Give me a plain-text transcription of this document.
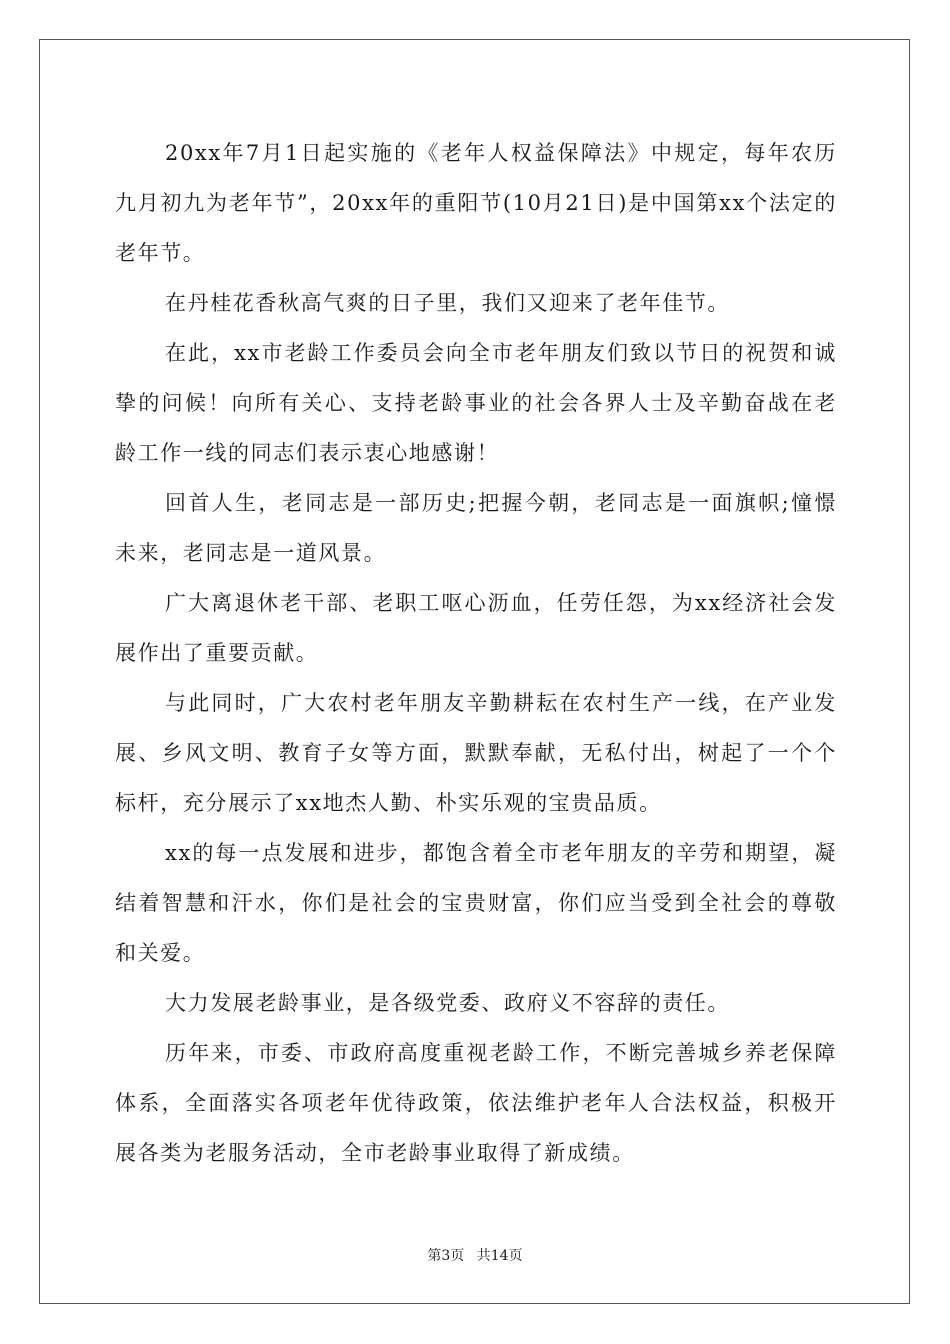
20xx年7月1日起实施的《老年人权益保障法》中规定，每年农历九月初九为老年节”，20xx年的重阳节(10月21日)是中国第xx个法定的老年节。

在丹桂花香秋高气爽的日子里，我们又迎来了老年佳节。

在此，xx市老龄工作委员会向全市老年朋友们致以节日的祝贺和诚挚的问候！向所有关心、支持老龄事业的社会各界人士及辛勤奋战在老龄工作一线的同志们表示衷心地感谢！

回首人生，老同志是一部历史;把握今朝，老同志是一面旗帜;憧憬未来，老同志是一道风景。

广大离退休老干部、老职工呕心沥血，任劳任怨，为xx经济社会发展作出了重要贡献。

与此同时，广大农村老年朋友辛勤耕耘在农村生产一线，在产业发展、乡风文明、教育子女等方面，默默奉献，无私付出，树起了一个个标杆，充分展示了xx地杰人勤、朴实乐观的宝贵品质。

xx的每一点发展和进步，都饱含着全市老年朋友的辛劳和期望，凝结着智慧和汗水，你们是社会的宝贵财富，你们应当受到全社会的尊敬和关爱。

大力发展老龄事业，是各级党委、政府义不容辞的责任。

历年来，市委、市政府高度重视老龄工作，不断完善城乡养老保障体系，全面落实各项老年优待政策，依法维护老年人合法权益，积极开展各类为老服务活动，全市老龄事业取得了新成绩。

第3页 共14页
